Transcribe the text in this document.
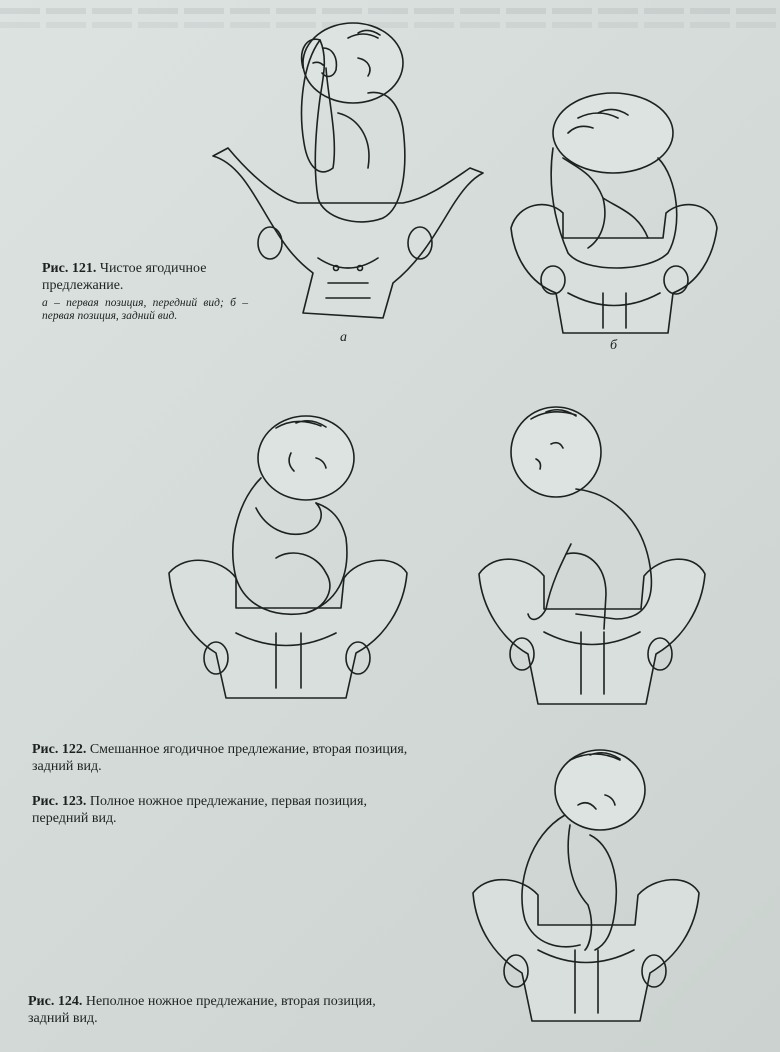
Рис. 121. Чистое ягодичное предлежание.
а – первая позиция, передний вид; б – первая позиция, задний вид.
а
б
Рис. 122. Смешанное ягодичное предлежание, вторая позиция, задний вид.
Рис. 123. Полное ножное предлежание, первая позиция, передний вид.
Рис. 124. Неполное ножное предлежание, вторая позиция, задний вид.
